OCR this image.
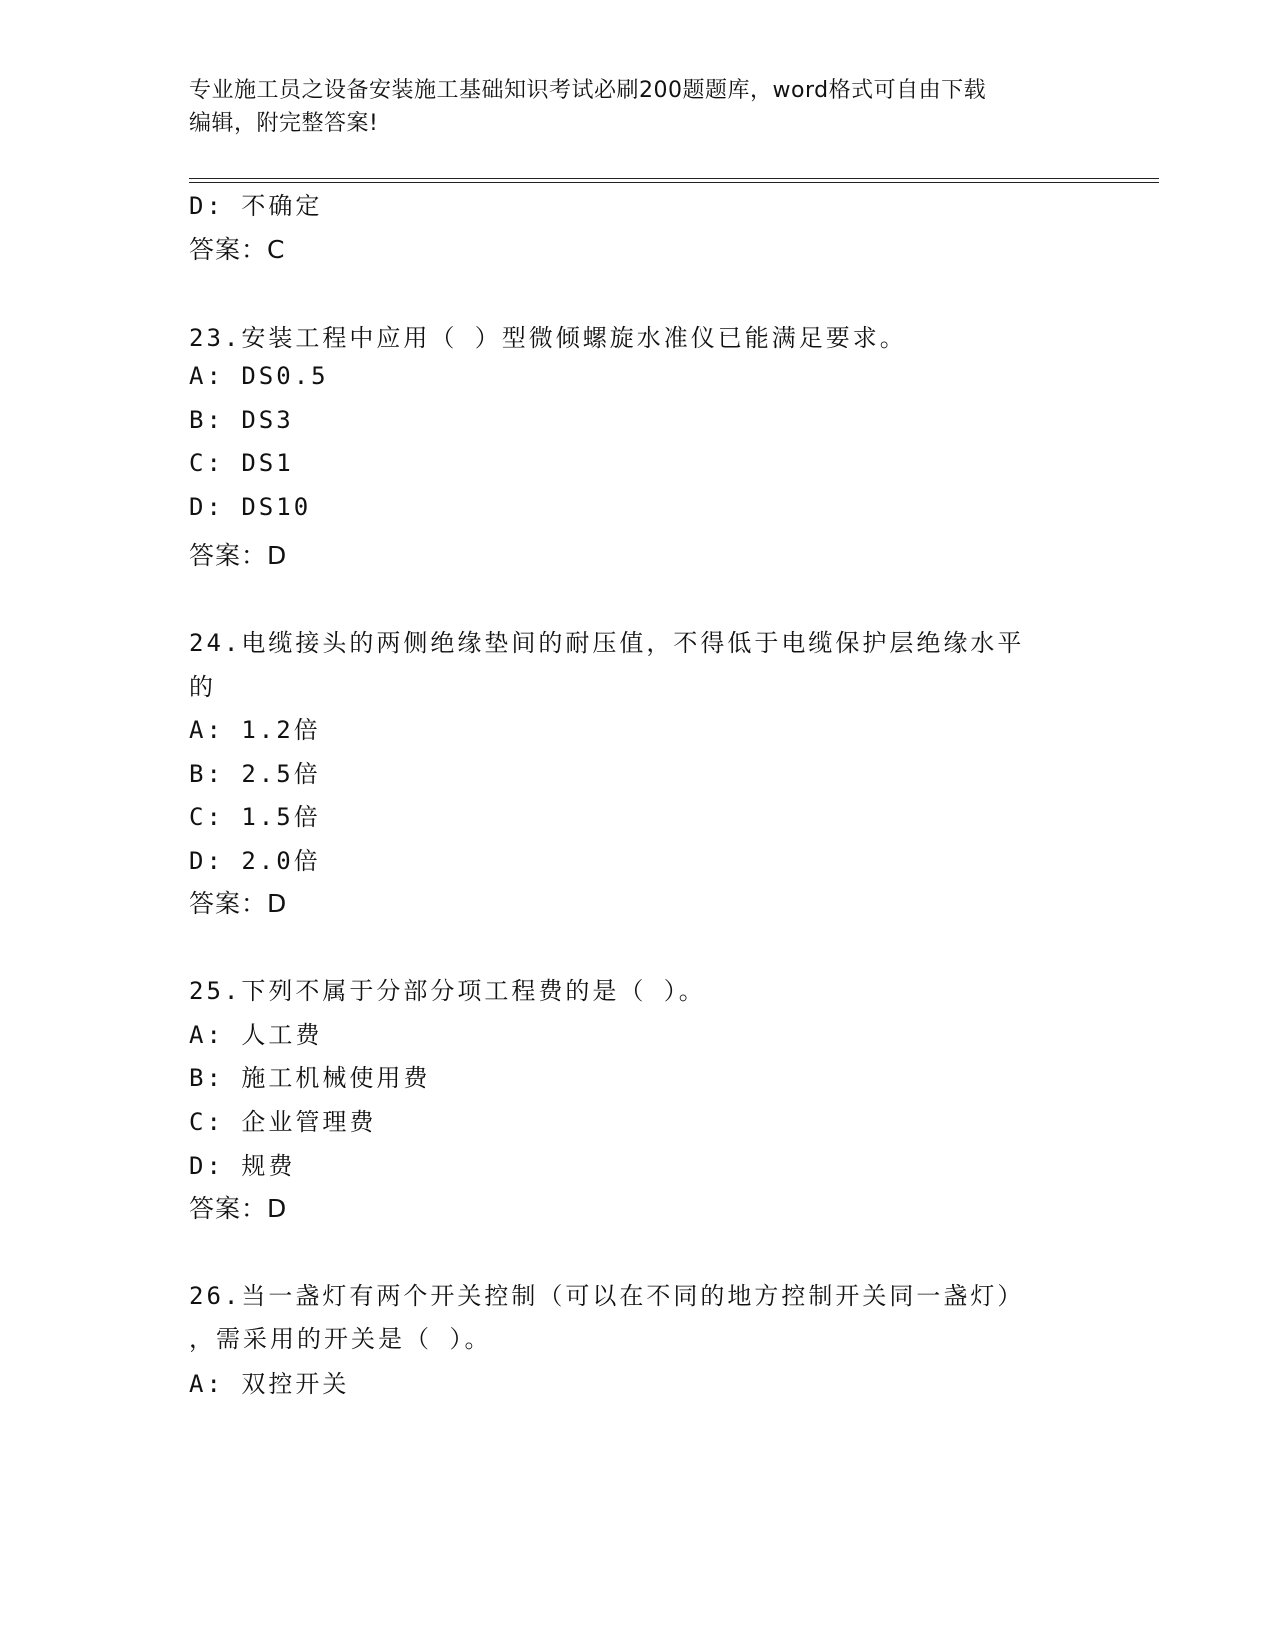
专业施工员之设备安装施工基础知识考试必刷200题题库，word格式可自由下载
编辑，附完整答案!
D: 不确定
答案：C
23.安装工程中应用（ ）型微倾螺旋水准仪已能满足要求。
A: DS0.5
B: DS3
C: DS1
D: DS10
答案：D
24.电缆接头的两侧绝缘垫间的耐压值，不得低于电缆保护层绝缘水平
的
A: 1.2倍
B: 2.5倍
C: 1.5倍
D: 2.0倍
答案：D
25.下列不属于分部分项工程费的是（ ）。
A: 人工费
B: 施工机械使用费
C: 企业管理费
D: 规费
答案：D
26.当一盏灯有两个开关控制（可以在不同的地方控制开关同一盏灯）
，需采用的开关是（ ）。
A: 双控开关
